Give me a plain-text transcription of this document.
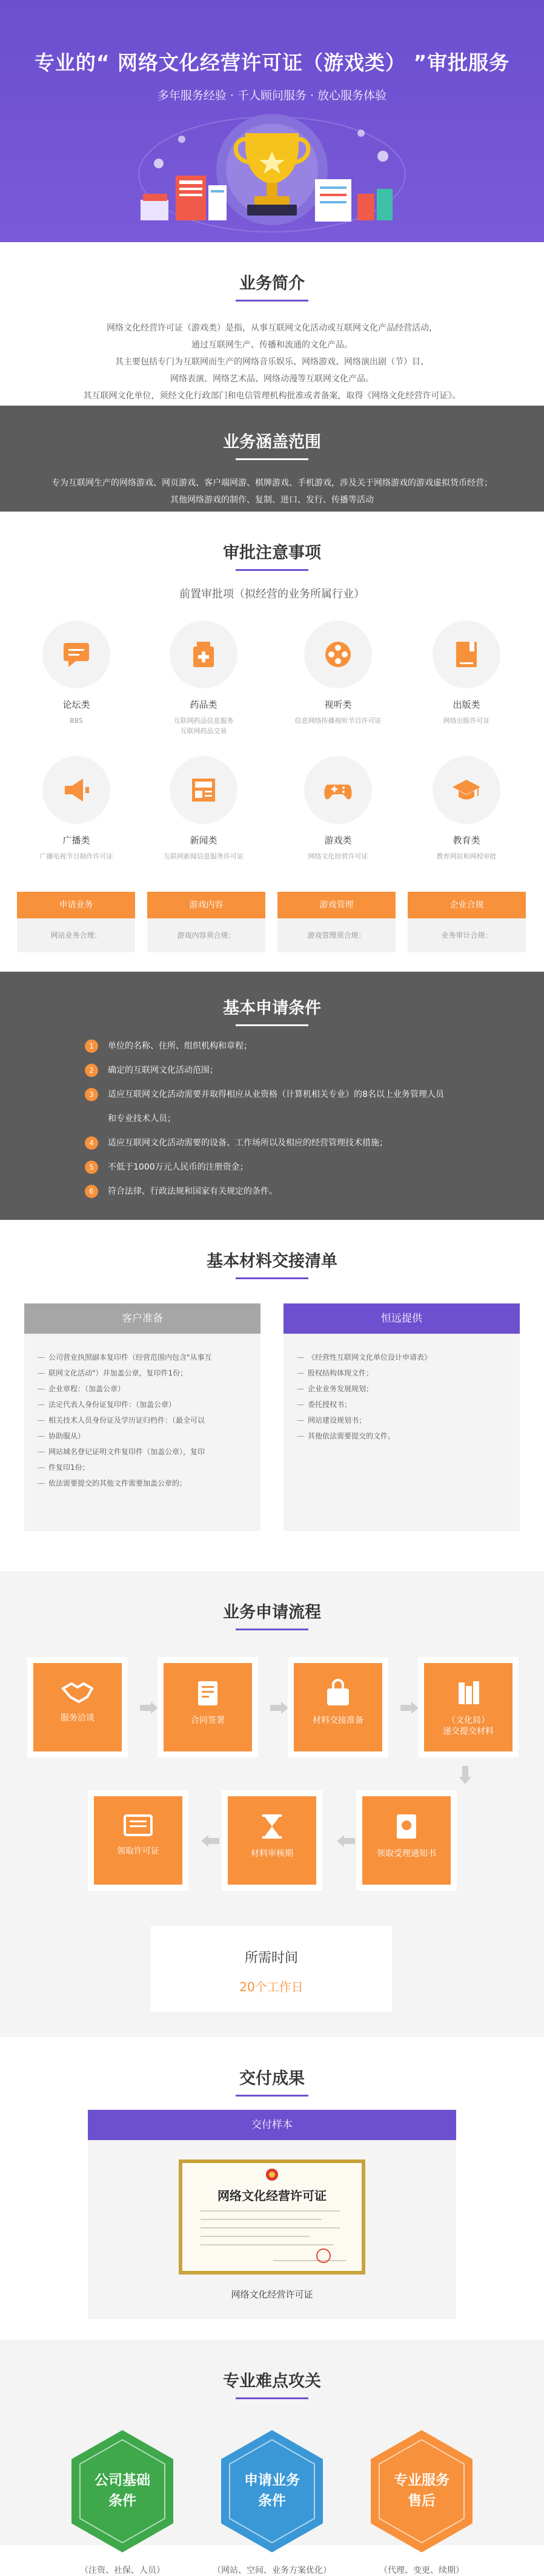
专业的“ 网络文化经营许可证（游戏类） ”审批服务
多年服务经验 · 千人顾问服务 · 放心服务体验
业务简介

网络文化经营许可证（游戏类）是指，从事互联网文化活动或互联网文化产品经营活动，
通过互联网生产、传播和流通的文化产品。
其主要包括专门为互联网而生产的网络音乐娱乐、网络游戏、网络演出剧（节）目、
网络表演、网络艺术品、网络动漫等互联网文化产品。
其互联网文化单位，须经文化行政部门和电信管理机构批准或者备案，取得《网络文化经营许可证》。

业务涵盖范围

专为互联网生产的网络游戏、网页游戏、客户端网游、棋牌游戏、手机游戏，涉及关于网络游戏的游戏虚拟货币经营；
其他网络游戏的制作、复制、进口、发行、传播等活动

审批注意事项
前置审批项（拟经营的业务所属行业）
论坛类
BBS
药品类
互联网药品信息服务
互联网药品交易
视听类
信息网络传播视听节目许可证
出版类
网络出版许可证
广播类
广播电视节目制作许可证
新闻类
互联网新闻信息服务许可证
游戏类
网络文化经营许可证
教育类
教育网站和网校审批
申请业务
网站业务合理：
游戏内容
游戏内容须合规：
游戏管理
游戏管理须合规：
企业合规
业务审计合规：
基本申请条件
1	单位的名称、住所、组织机构和章程；
2	确定的互联网文化活动范围；
3	适应互联网文化活动需要并取得相应从业资格（计算机相关专业）的8名以上业务管理人员
和专业技术人员；
4	适应互联网文化活动需要的设备、工作场所以及相应的经营管理技术措施；
5	不低于1000万元人民币的注册资金；
6	符合法律、行政法规和国家有关规定的条件。
基本材料交接清单
客户准备
— 公司营业执照副本复印件（经营范围内包含"从事互
— 联网文化活动"）并加盖公章，复印件1份；
— 企业章程：（加盖公章）
— 法定代表人身份证复印件：（加盖公章）
— 相关技术人员身份证及学历证归档件：（最全可以
— 协助服从）
— 网站域名登记证明文件复印件（加盖公章），复印
— 件复印1份；
— 依法需要提交的其他文件需要加盖公章的；
恒远提供
— 《经营性互联网文化单位设计申请表》
— 股权结构体现文件；
— 企业业务发展规划；
— 委托授权书；
— 网站建设规划书；
— 其他依法需要提交的文件。
业务申请流程
服务洽谈	合同签署	材料交接准备	（文化局）
递交提交材料
领取许可证	材料审核期	领取受理通知书
所需时间
20个工作日
交付成果
交付样本
网络文化经营许可证
网络文化经营许可证
专业难点攻关
公司基础
条件
（注资、社保、人员）
申请业务
条件
（网站、空间、业务方案优化）
专业服务
售后
（代理、变更、续期）
